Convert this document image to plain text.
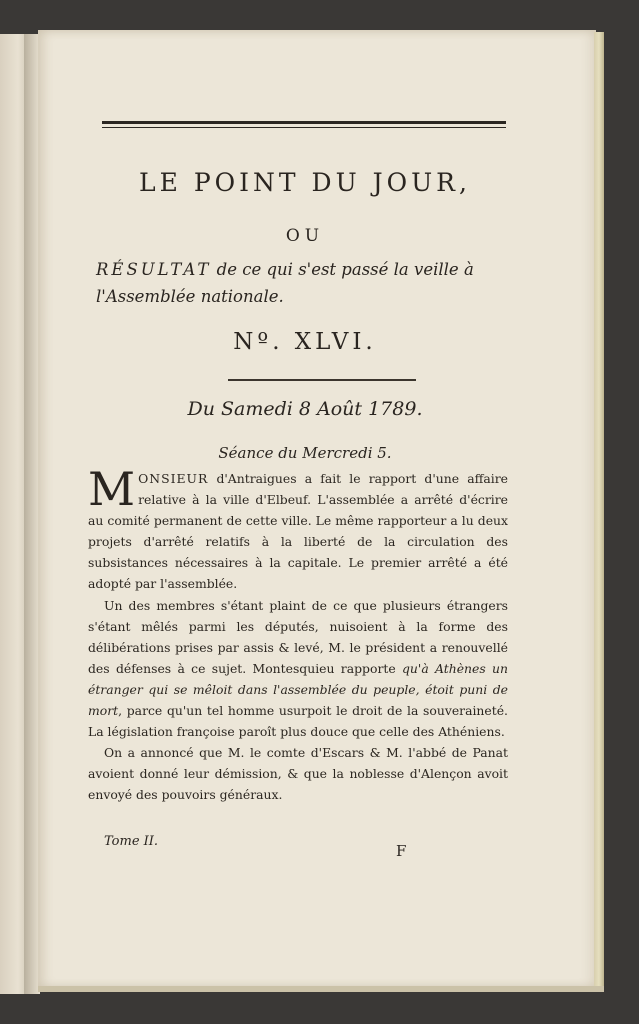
LE POINT DU JOUR,
OU
RÉSULTAT de ce qui s'est passé la veille à
l'Assemblée nationale.
Nº. XLVI.
Du Samedi 8 Août 1789.
Séance du Mercredi 5.

MONSIEUR d'Antraigues a fait le rapport d'une affaire relative à la ville d'Elbeuf. L'assemblée a arrêté d'écrire au comité permanent de cette ville. Le même rapporteur a lu deux projets d'arrêté relatifs à la liberté de la circulation des subsistances nécessaires à la capitale. Le premier arrêté a été adopté par l'assemblée.

Un des membres s'étant plaint de ce que plusieurs étrangers s'étant mêlés parmi les députés, nuisoient à la forme des délibérations prises par assis & levé, M. le président a renouvellé des défenses à ce sujet. Montesquieu rapporte qu'à Athènes un étranger qui se mêloit dans l'assemblée du peuple, étoit puni de mort, parce qu'un tel homme usurpoit le droit de la souveraineté. La législation françoise paroît plus douce que celle des Athéniens.

On a annoncé que M. le comte d'Escars & M. l'abbé de Panat avoient donné leur démission, & que la noblesse d'Alençon avoit envoyé des pouvoirs généraux.

Tome II.
F
